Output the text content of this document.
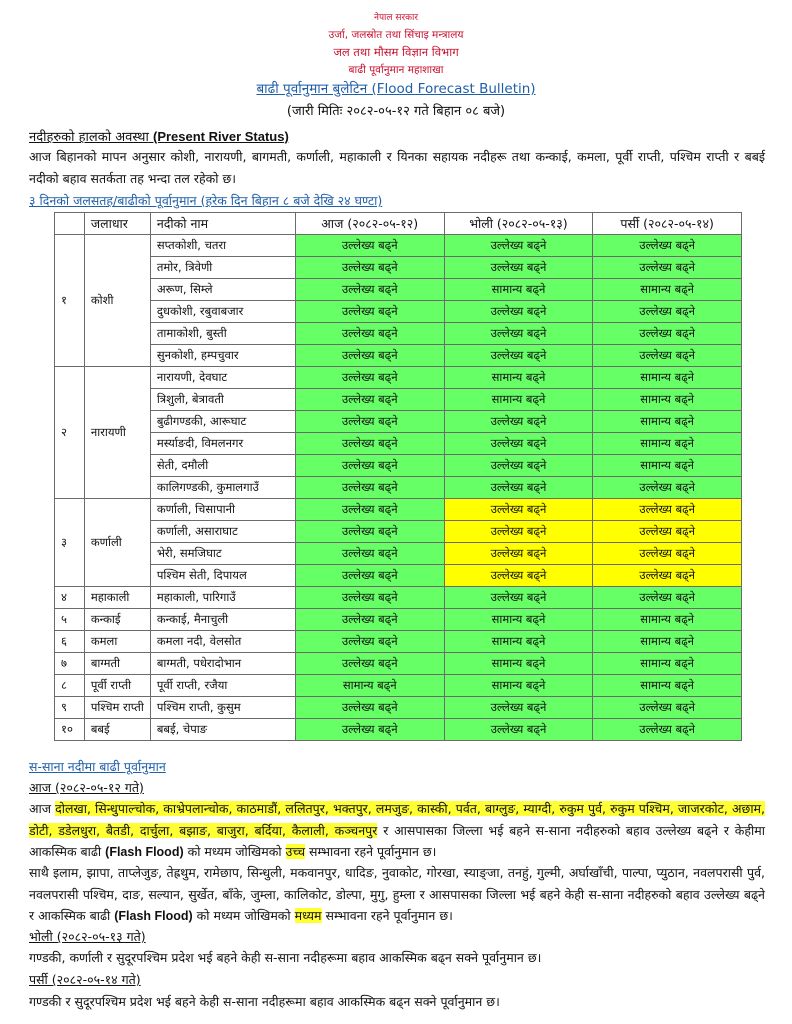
नेपाल सरकार
उर्जा, जलस्रोत तथा सिंचाइ मन्त्रालय
जल तथा मौसम विज्ञान विभाग
बाढी पूर्वानुमान महाशाखा
बाढी पूर्वानुमान बुलेटिन (Flood Forecast Bulletin)
(जारी मितिः २०८२-०५-१२ गते बिहान ०८ बजे)
नदीहरुको हालको अवस्था (Present River Status)
आज बिहानको मापन अनुसार कोशी, नारायणी, बागमती, कर्णाली, महाकाली र यिनका सहायक नदीहरू तथा कन्काई, कमला, पूर्वी राप्ती, पश्चिम राप्ती र बबई नदीको बहाव सतर्कता तह भन्दा तल रहेको छ।
३ दिनको जलसतह/बाढीको पूर्वानुमान (हरेक दिन बिहान ८ बजे देखि २४ घण्टा)
	जलाधार	नदीको नाम	आज (२०८२-०५-१२)	भोली (२०८२-०५-१३)	पर्सी (२०८२-०५-१४)
१	कोशी	सप्तकोशी, चतरा	उल्लेख्य बढ्ने	उल्लेख्य बढ्ने	उल्लेख्य बढ्ने
		तमोर, त्रिवेणी	उल्लेख्य बढ्ने	उल्लेख्य बढ्ने	उल्लेख्य बढ्ने
		अरूण, सिम्ले	उल्लेख्य बढ्ने	सामान्य बढ्ने	सामान्य बढ्ने
		दुधकोशी, रबुवाबजार	उल्लेख्य बढ्ने	उल्लेख्य बढ्ने	उल्लेख्य बढ्ने
		तामाकोशी, बुस्ती	उल्लेख्य बढ्ने	उल्लेख्य बढ्ने	उल्लेख्य बढ्ने
		सुनकोशी, हम्पचुवार	उल्लेख्य बढ्ने	उल्लेख्य बढ्ने	उल्लेख्य बढ्ने
२	नारायणी	नारायणी, देवघाट	उल्लेख्य बढ्ने	सामान्य बढ्ने	सामान्य बढ्ने
		त्रिशुली, बेत्रावती	उल्लेख्य बढ्ने	सामान्य बढ्ने	सामान्य बढ्ने
		बुढीगण्डकी, आरूघाट	उल्लेख्य बढ्ने	उल्लेख्य बढ्ने	सामान्य बढ्ने
		मर्स्याङदी, विमलनगर	उल्लेख्य बढ्ने	उल्लेख्य बढ्ने	सामान्य बढ्ने
		सेती, दमौली	उल्लेख्य बढ्ने	उल्लेख्य बढ्ने	सामान्य बढ्ने
		कालिगण्डकी, कुमालगाउँ	उल्लेख्य बढ्ने	उल्लेख्य बढ्ने	उल्लेख्य बढ्ने
३	कर्णाली	कर्णाली, चिसापानी	उल्लेख्य बढ्ने	उल्लेख्य बढ्ने	उल्लेख्य बढ्ने
		कर्णाली, असाराघाट	उल्लेख्य बढ्ने	उल्लेख्य बढ्ने	उल्लेख्य बढ्ने
		भेरी, समजिघाट	उल्लेख्य बढ्ने	उल्लेख्य बढ्ने	उल्लेख्य बढ्ने
		पश्चिम सेती, दिपायल	उल्लेख्य बढ्ने	उल्लेख्य बढ्ने	उल्लेख्य बढ्ने
४	महाकाली	महाकाली, पारिगाउँ	उल्लेख्य बढ्ने	उल्लेख्य बढ्ने	उल्लेख्य बढ्ने
५	कन्काई	कन्काई, मैनाचुली	उल्लेख्य बढ्ने	सामान्य बढ्ने	सामान्य बढ्ने
६	कमला	कमला नदी, वेलसोत	उल्लेख्य बढ्ने	सामान्य बढ्ने	सामान्य बढ्ने
७	बाग्मती	बाग्मती, पधेरादोभान	उल्लेख्य बढ्ने	सामान्य बढ्ने	सामान्य बढ्ने
८	पूर्वी राप्ती	पूर्वी राप्ती, रजैया	सामान्य बढ्ने	सामान्य बढ्ने	सामान्य बढ्ने
९	पश्चिम राप्ती	पश्चिम राप्ती, कुसुम	उल्लेख्य बढ्ने	उल्लेख्य बढ्ने	उल्लेख्य बढ्ने
१०	बबई	बबई, चेपाङ	उल्लेख्य बढ्ने	उल्लेख्य बढ्ने	उल्लेख्य बढ्ने
स-साना नदीमा बाढी पूर्वानुमान
आज (२०८२-०५-१२ गते)
आज दोलखा, सिन्धुपाल्चोक, काभ्रेपलान्चोक, काठमाडौं, ललितपुर, भक्तपुर, लमजुङ, कास्की, पर्वत, बाग्लुङ, म्याग्दी, रुकुम पुर्व, रुकुम पश्चिम, जाजरकोट, अछाम, डोटी, डडेलधुरा, बैतडी, दार्चुला, बझाङ, बाजुरा, बर्दिया, कैलाली, कञ्चनपुर र आसपासका जिल्ला भई बहने स-साना नदीहरुको बहाव उल्लेख्य बढ्ने र केहीमा आकस्मिक बाढी (Flash Flood) को मध्यम जोखिमको उच्च सम्भावना रहने पूर्वानुमान छ।
साथै इलाम, झापा, ताप्लेजुङ, तेह्रथुम, रामेछाप, सिन्धुली, मकवानपुर, धादिङ, नुवाकोट, गोरखा, स्याङ्जा, तनहुं, गुल्मी, अर्घाखाँची, पाल्पा, प्युठान, नवलपरासी पुर्व, नवलपरासी पश्चिम, दाङ, सल्यान, सुर्खेत, बाँके, जुम्ला, कालिकोट, डोल्पा, मुगु, हुम्ला र आसपासका जिल्ला भई बहने केही स-साना नदीहरुको बहाव उल्लेख्य बढ्ने र आकस्मिक बाढी (Flash Flood) को मध्यम जोखिमको मध्यम सम्भावना रहने पूर्वानुमान छ।
भोली (२०८२-०५-१३ गते)
गण्डकी, कर्णाली र सुदूरपश्चिम प्रदेश भई बहने केही स-साना नदीहरूमा बहाव आकस्मिक बढ्न सक्ने पूर्वानुमान छ।
पर्सी (२०८२-०५-१४ गते)
गण्डकी र सुदूरपश्चिम प्रदेश भई बहने केही स-साना नदीहरूमा बहाव आकस्मिक बढ्न सक्ने पूर्वानुमान छ।
